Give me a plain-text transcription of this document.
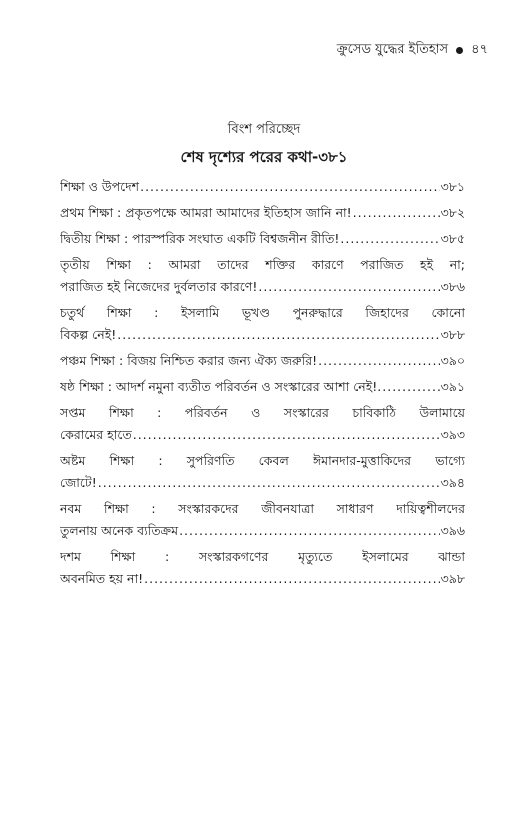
ক্রুসেড যুদ্ধের ইতিহাস ৪৭
বিংশ পরিচ্ছেদ
শেষ দৃশ্যের পরের কথা-৩৮১
শিক্ষা ও উপদেশ .....	৩৮১
প্রথম শিক্ষা : প্রকৃতপক্ষে আমরা আমাদের ইতিহাস জানি না! .....	৩৮২
দ্বিতীয় শিক্ষা : পারস্পরিক সংঘাত একটি বিশ্বজনীন রীতি! .....	৩৮৫
তৃতীয় শিক্ষা : আমরা তাদের শক্তির কারণে পরাজিত হই না;
পরাজিত হই নিজেদের দুর্বলতার কারণে! .....	৩৮৬
চতুর্থ শিক্ষা : ইসলামি ভূখণ্ড পুনরুদ্ধারে জিহাদের কোনো
বিকল্প নেই! .....	৩৮৮
পঞ্চম শিক্ষা : বিজয় নিশ্চিত করার জন্য ঐক্য জরুরি! .....	৩৯০
ষষ্ঠ শিক্ষা : আদর্শ নমুনা ব্যতীত পরিবর্তন ও সংস্কারের আশা নেই!. .....	৩৯১
সপ্তম শিক্ষা : পরিবর্তন ও সংস্কারের চাবিকাঠি উলামায়ে
কেরামের হাতে .....	৩৯৩
অষ্টম শিক্ষা : সুপরিণতি কেবল ঈমানদার-মুত্তাকিদের ভাগ্যে
জোটে! .....	৩৯৪
নবম শিক্ষা : সংস্কারকদের জীবনযাত্রা সাধারণ দায়িত্বশীলদের
তুলনায় অনেক ব্যতিক্রম .....	৩৯৬
দশম শিক্ষা : সংস্কারকগণের মৃত্যুতে ইসলামের ঝান্ডা
অবনমিত হয় না! .....	৩৯৮
